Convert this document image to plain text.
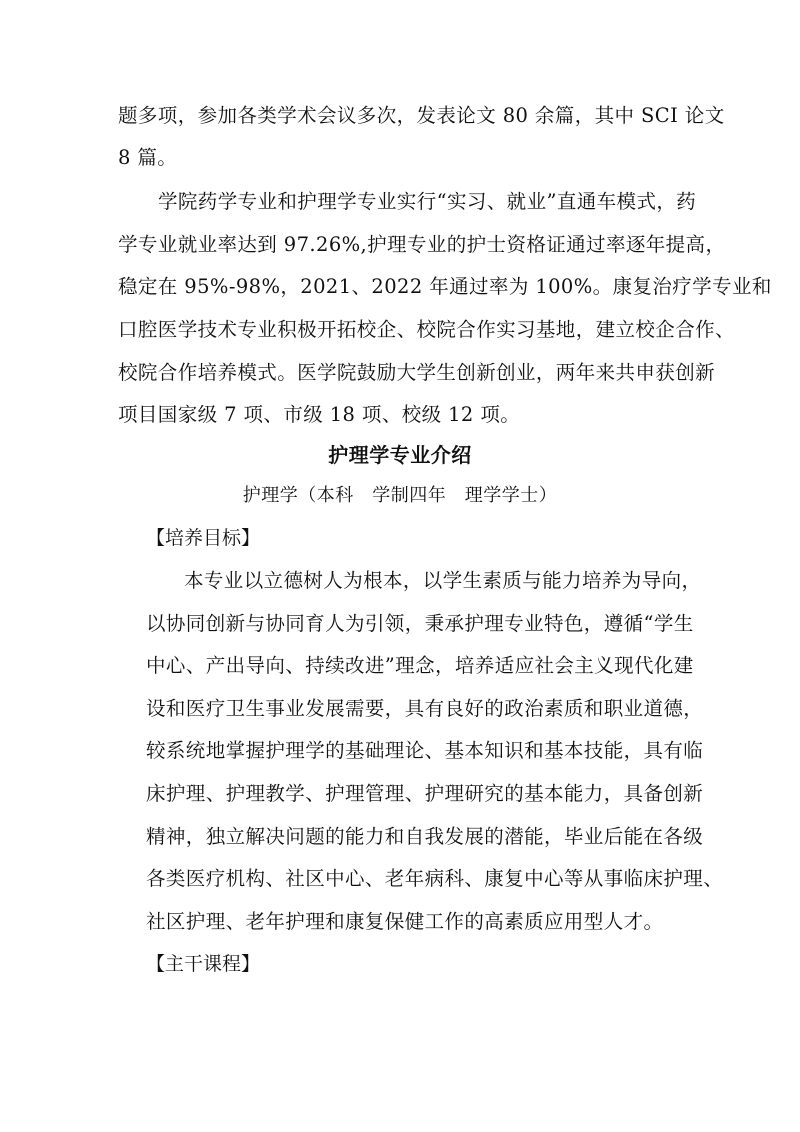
题多项，参加各类学术会议多次，发表论文 80 余篇，其中 SCI 论文
8 篇。
学院药学专业和护理学专业实行“实习、就业”直通车模式，药
学专业就业率达到 97.26%,护理专业的护士资格证通过率逐年提高，
稳定在 95%-98%，2021、2022 年通过率为 100%。康复治疗学专业和
口腔医学技术专业积极开拓校企、校院合作实习基地，建立校企合作、
校院合作培养模式。医学院鼓励大学生创新创业，两年来共申获创新
项目国家级 7 项、市级 18 项、校级 12 项。
护理学专业介绍
护理学（本科　学制四年　理学学士）
【培养目标】
本专业以立德树人为根本，以学生素质与能力培养为导向，
以协同创新与协同育人为引领，秉承护理专业特色，遵循“学生
中心、产出导向、持续改进”理念，培养适应社会主义现代化建
设和医疗卫生事业发展需要，具有良好的政治素质和职业道德，
较系统地掌握护理学的基础理论、基本知识和基本技能，具有临
床护理、护理教学、护理管理、护理研究的基本能力，具备创新
精神，独立解决问题的能力和自我发展的潜能，毕业后能在各级
各类医疗机构、社区中心、老年病科、康复中心等从事临床护理、
社区护理、老年护理和康复保健工作的高素质应用型人才。
【主干课程】
